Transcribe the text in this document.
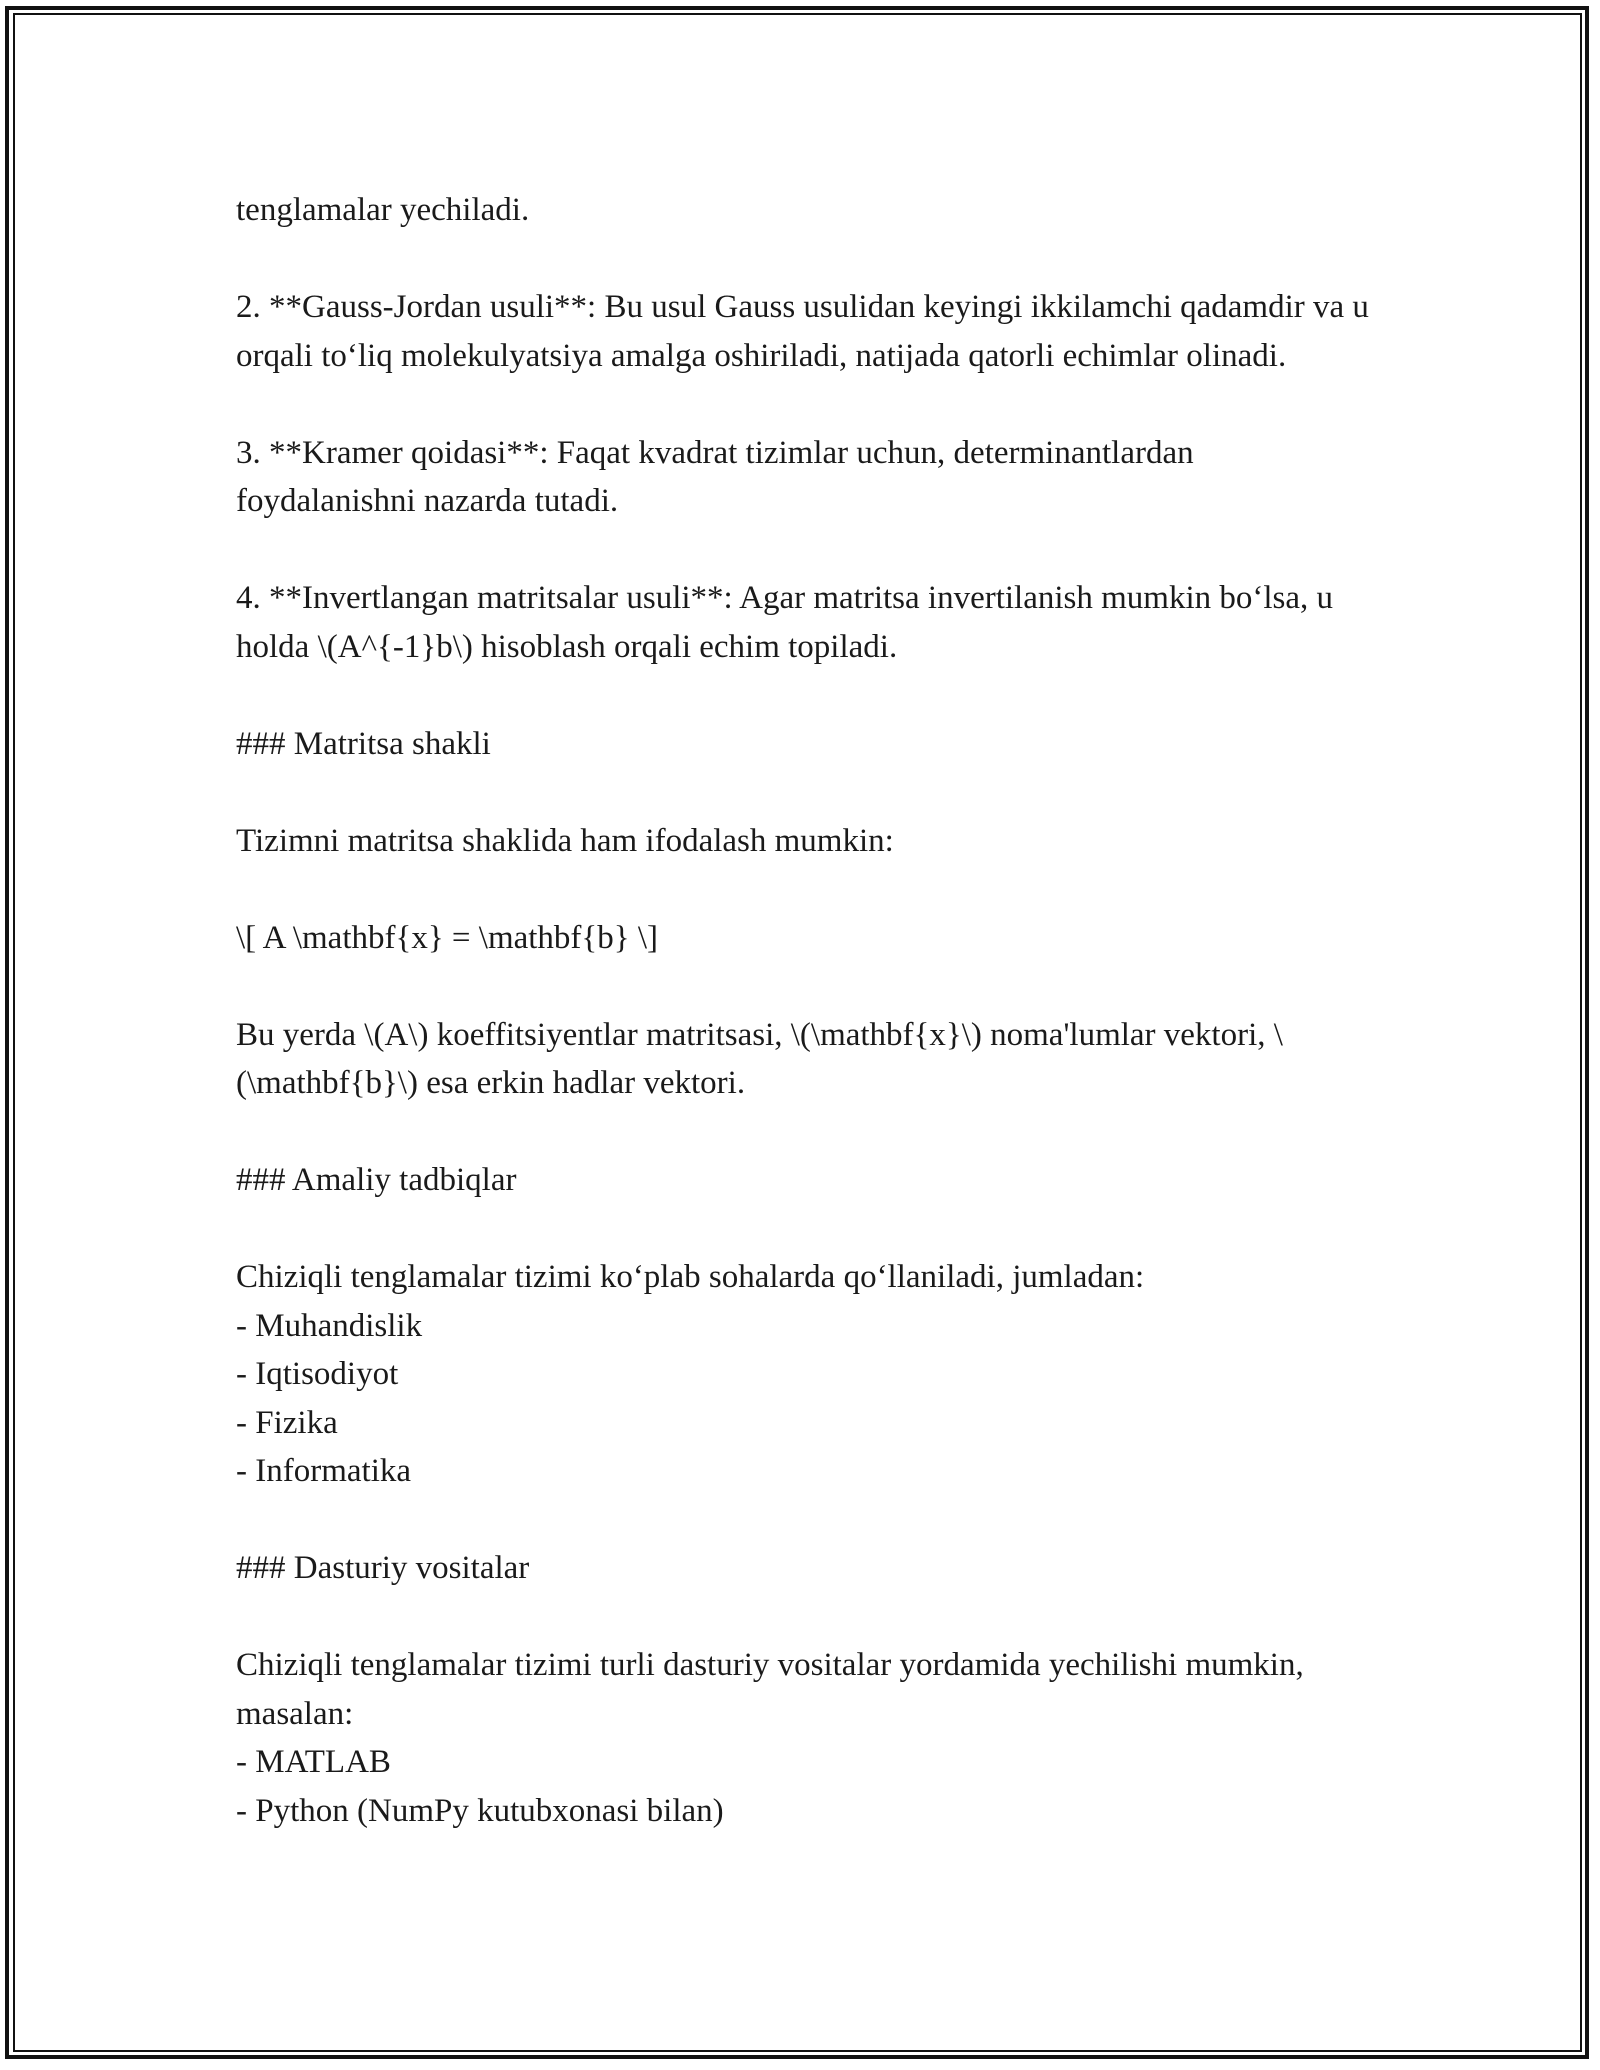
tenglamalar yechiladi.

2. **Gauss-Jordan usuli**: Bu usul Gauss usulidan keyingi ikkilamchi qadamdir va u orqali to‘liq molekulyatsiya amalga oshiriladi, natijada qatorli echimlar olinadi.

3. **Kramer qoidasi**: Faqat kvadrat tizimlar uchun, determinantlardan foydalanishni nazarda tutadi.

4. **Invertlangan matritsalar usuli**: Agar matritsa invertilanish mumkin bo‘lsa, u holda \(A^{-1}b\) hisoblash orqali echim topiladi.

### Matritsa shakli

Tizimni matritsa shaklida ham ifodalash mumkin:

\[ A \mathbf{x} = \mathbf{b} \]

Bu yerda \(A\) koeffitsiyentlar matritsasi, \(\mathbf{x}\) noma'lumlar vektori, \(\mathbf{b}\) esa erkin hadlar vektori.

### Amaliy tadbiqlar

Chiziqli tenglamalar tizimi ko‘plab sohalarda qo‘llaniladi, jumladan:

- Muhandislik

- Iqtisodiyot

- Fizika

- Informatika

### Dasturiy vositalar

Chiziqli tenglamalar tizimi turli dasturiy vositalar yordamida yechilishi mumkin, masalan:

- MATLAB

- Python (NumPy kutubxonasi bilan)
